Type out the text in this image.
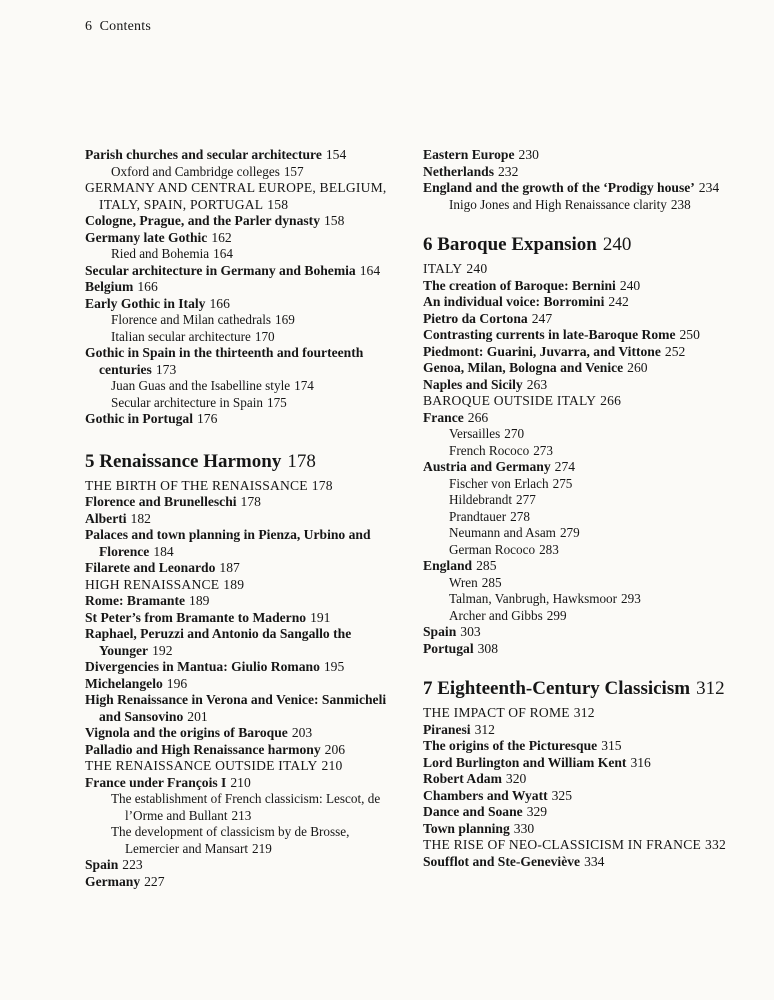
6 Contents
Parish churches and secular architecture 154
Oxford and Cambridge colleges 157
GERMANY AND CENTRAL EUROPE, BELGIUM, ITALY, SPAIN, PORTUGAL 158
Cologne, Prague, and the Parler dynasty 158
Germany late Gothic 162
Ried and Bohemia 164
Secular architecture in Germany and Bohemia 164
Belgium 166
Early Gothic in Italy 166
Florence and Milan cathedrals 169
Italian secular architecture 170
Gothic in Spain in the thirteenth and fourteenth centuries 173
Juan Guas and the Isabelline style 174
Secular architecture in Spain 175
Gothic in Portugal 176
5 Renaissance Harmony 178
THE BIRTH OF THE RENAISSANCE 178
Florence and Brunelleschi 178
Alberti 182
Palaces and town planning in Pienza, Urbino and Florence 184
Filarete and Leonardo 187
HIGH RENAISSANCE 189
Rome: Bramante 189
St Peter’s from Bramante to Maderno 191
Raphael, Peruzzi and Antonio da Sangallo the Younger 192
Divergencies in Mantua: Giulio Romano 195
Michelangelo 196
High Renaissance in Verona and Venice: Sanmicheli and Sansovino 201
Vignola and the origins of Baroque 203
Palladio and High Renaissance harmony 206
THE RENAISSANCE OUTSIDE ITALY 210
France under François I 210
The establishment of French classicism: Lescot, de l’Orme and Bullant 213
The development of classicism by de Brosse, Lemercier and Mansart 219
Spain 223
Germany 227
Eastern Europe 230
Netherlands 232
England and the growth of the ‘Prodigy house’ 234
Inigo Jones and High Renaissance clarity 238
6 Baroque Expansion 240
ITALY 240
The creation of Baroque: Bernini 240
An individual voice: Borromini 242
Pietro da Cortona 247
Contrasting currents in late-Baroque Rome 250
Piedmont: Guarini, Juvarra, and Vittone 252
Genoa, Milan, Bologna and Venice 260
Naples and Sicily 263
BAROQUE OUTSIDE ITALY 266
France 266
Versailles 270
French Rococo 273
Austria and Germany 274
Fischer von Erlach 275
Hildebrandt 277
Prandtauer 278
Neumann and Asam 279
German Rococo 283
England 285
Wren 285
Talman, Vanbrugh, Hawksmoor 293
Archer and Gibbs 299
Spain 303
Portugal 308
7 Eighteenth-Century Classicism 312
THE IMPACT OF ROME 312
Piranesi 312
The origins of the Picturesque 315
Lord Burlington and William Kent 316
Robert Adam 320
Chambers and Wyatt 325
Dance and Soane 329
Town planning 330
THE RISE OF NEO-CLASSICISM IN FRANCE 332
Soufflot and Ste-Geneviève 334
